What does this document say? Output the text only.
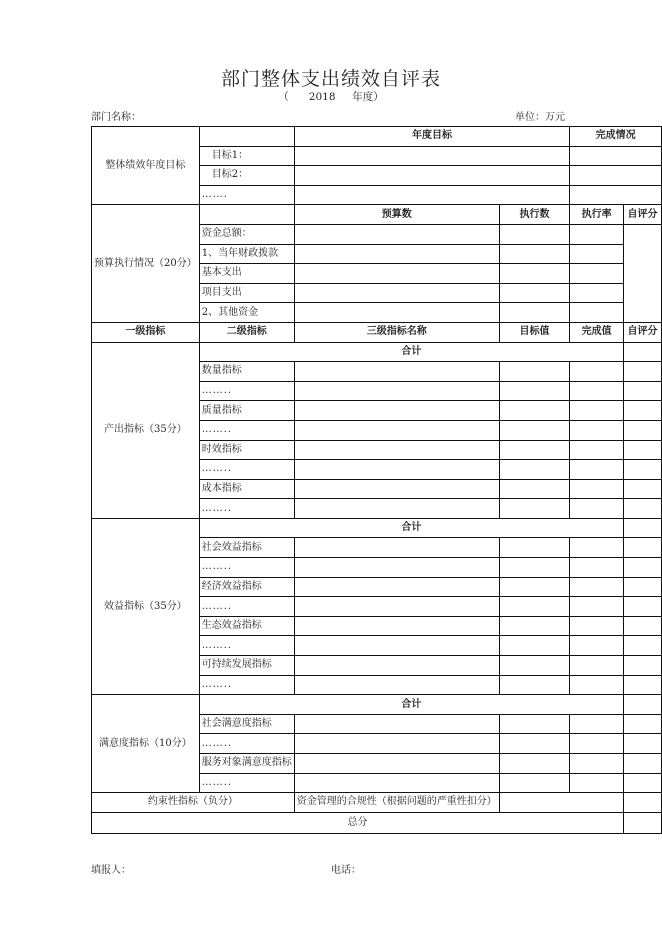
部门整体支出绩效自评表
（      2018     年度）
部门名称：	单位：万元
整体绩效年度目标		年度目标		完成情况	
	目标1：				
	目标2：				
	…….				
预算执行情况（20分）		预算数	执行数	执行率	自评分
	资金总额：				
	1、当年财政拨款				
	基本支出				
	项目支出				
	2、其他资金				
一级指标	二级指标	三级指标名称	目标值	完成值	自评分
产出指标（35分）	合计				
	数量指标				
	……..				
	质量指标				
	……..				
	时效指标				
	……..				
	成本指标				
	……..				
效益指标（35分）	合计				
	社会效益指标				
	……..				
	经济效益指标				
	……..				
	生态效益指标				
	……..				
	可持续发展指标				
	……..				
满意度指标（10分）	合计				
	社会满意度指标				
	……..				
	服务对象满意度指标				
	……..				
约束性指标（负分）		资金管理的合规性（根据问题的严重性扣分）			
总分					
填报人：	电话：
